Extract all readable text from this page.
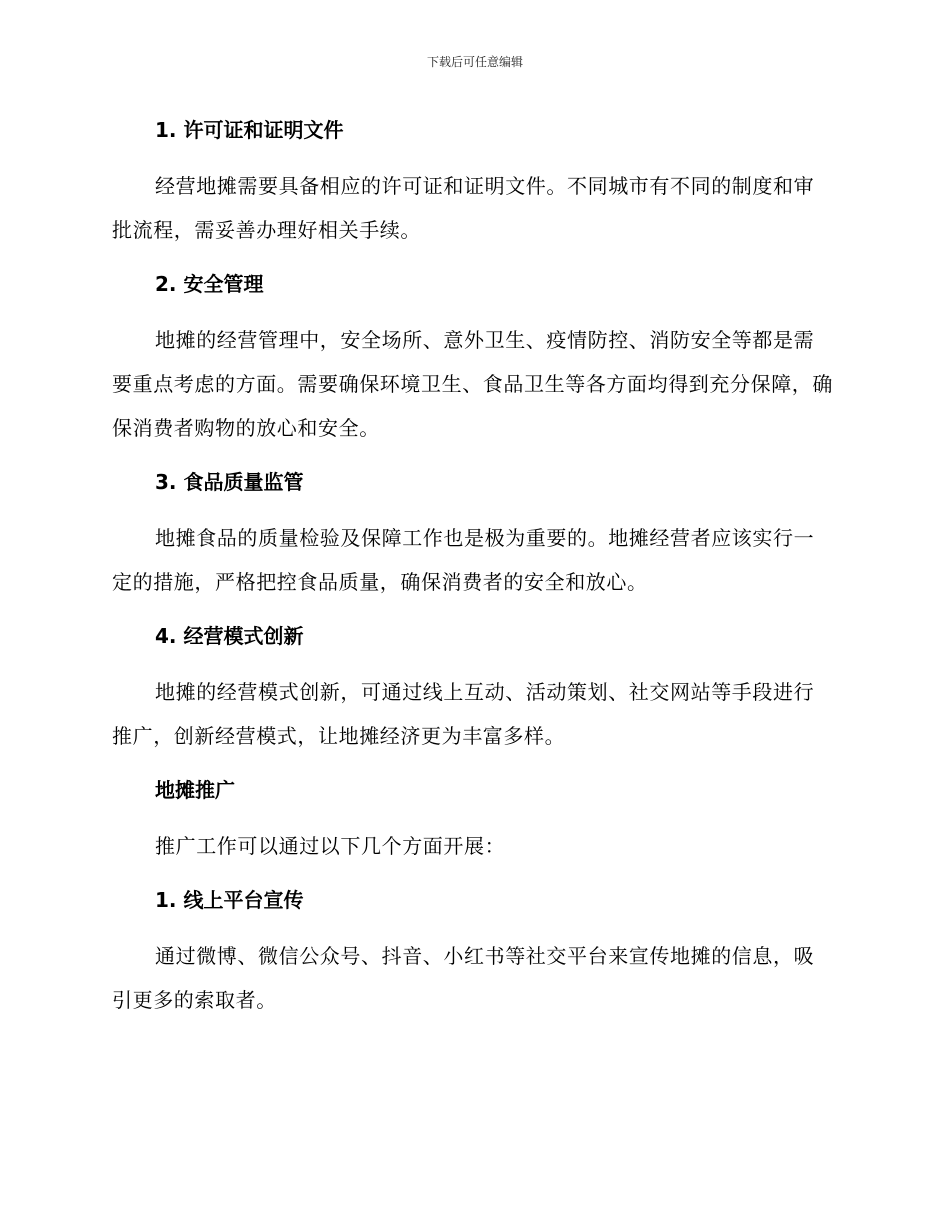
下载后可任意编辑
1. 许可证和证明文件

经营地摊需要具备相应的许可证和证明文件。不同城市有不同的制度和审批流程，需妥善办理好相关手续。

2. 安全管理

地摊的经营管理中，安全场所、意外卫生、疫情防控、消防安全等都是需要重点考虑的方面。需要确保环境卫生、食品卫生等各方面均得到充分保障，确保消费者购物的放心和安全。

3. 食品质量监管

地摊食品的质量检验及保障工作也是极为重要的。地摊经营者应该实行一定的措施，严格把控食品质量，确保消费者的安全和放心。

4. 经营模式创新

地摊的经营模式创新，可通过线上互动、活动策划、社交网站等手段进行推广，创新经营模式，让地摊经济更为丰富多样。

地摊推广

推广工作可以通过以下几个方面开展：

1. 线上平台宣传

通过微博、微信公众号、抖音、小红书等社交平台来宣传地摊的信息，吸引更多的索取者。
